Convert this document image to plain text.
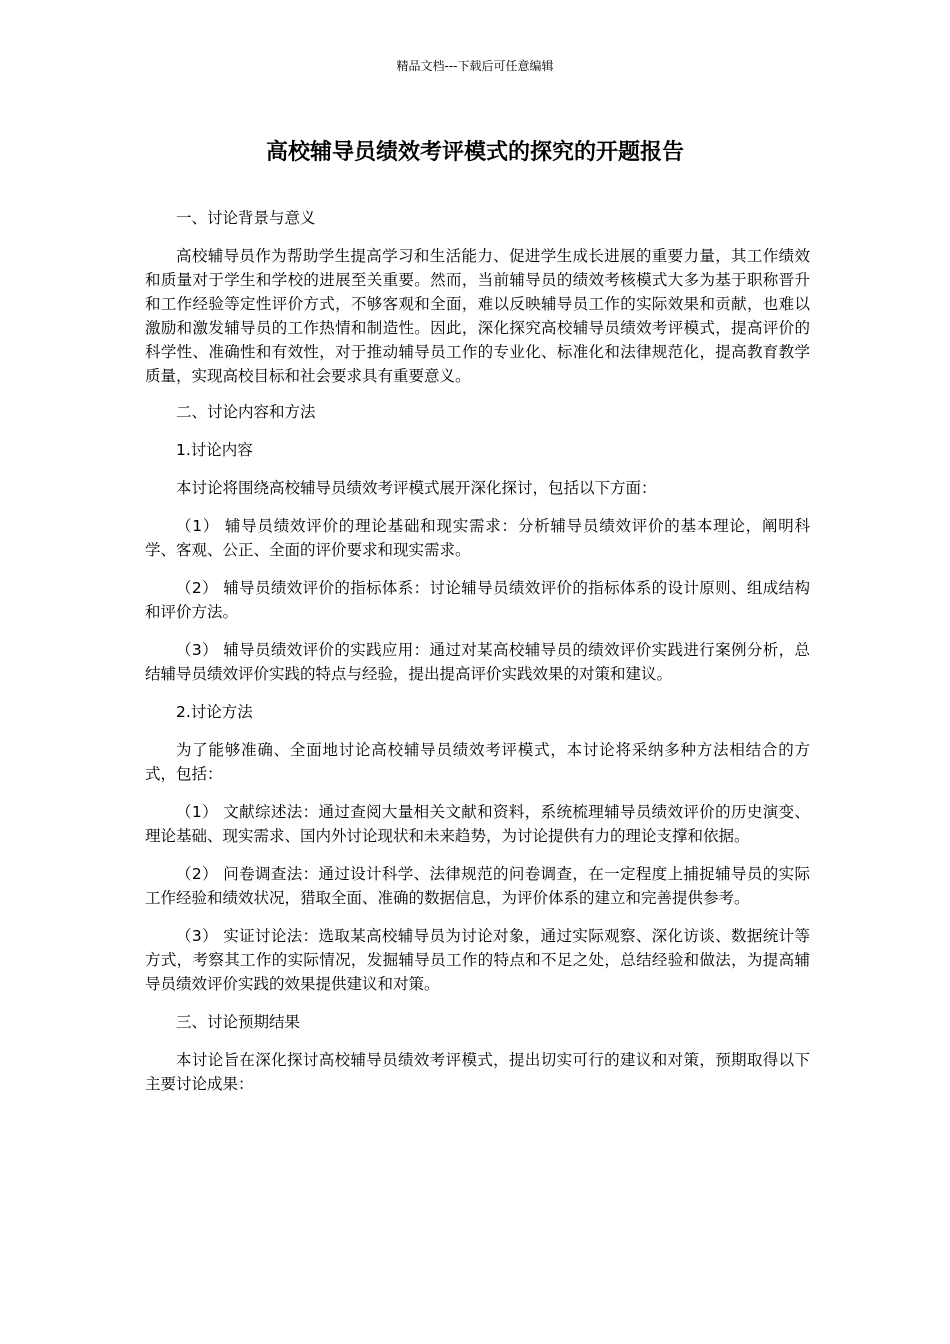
精品文档---下载后可任意编辑
高校辅导员绩效考评模式的探究的开题报告

一、讨论背景与意义

高校辅导员作为帮助学生提高学习和生活能力、促进学生成长进展的重要力量，其工作绩效和质量对于学生和学校的进展至关重要。然而，当前辅导员的绩效考核模式大多为基于职称晋升和工作经验等定性评价方式，不够客观和全面，难以反映辅导员工作的实际效果和贡献，也难以激励和激发辅导员的工作热情和制造性。因此，深化探究高校辅导员绩效考评模式，提高评价的科学性、准确性和有效性，对于推动辅导员工作的专业化、标准化和法律规范化，提高教育教学质量，实现高校目标和社会要求具有重要意义。

二、讨论内容和方法

1.讨论内容

本讨论将围绕高校辅导员绩效考评模式展开深化探讨，包括以下方面：

（1） 辅导员绩效评价的理论基础和现实需求：分析辅导员绩效评价的基本理论，阐明科学、客观、公正、全面的评价要求和现实需求。

（2） 辅导员绩效评价的指标体系：讨论辅导员绩效评价的指标体系的设计原则、组成结构和评价方法。

（3） 辅导员绩效评价的实践应用：通过对某高校辅导员的绩效评价实践进行案例分析，总结辅导员绩效评价实践的特点与经验，提出提高评价实践效果的对策和建议。

2.讨论方法

为了能够准确、全面地讨论高校辅导员绩效考评模式，本讨论将采纳多种方法相结合的方式，包括：

（1） 文献综述法：通过查阅大量相关文献和资料，系统梳理辅导员绩效评价的历史演变、理论基础、现实需求、国内外讨论现状和未来趋势，为讨论提供有力的理论支撑和依据。

（2） 问卷调查法：通过设计科学、法律规范的问卷调查，在一定程度上捕捉辅导员的实际工作经验和绩效状况，猎取全面、准确的数据信息，为评价体系的建立和完善提供参考。

（3） 实证讨论法：选取某高校辅导员为讨论对象，通过实际观察、深化访谈、数据统计等方式，考察其工作的实际情况，发掘辅导员工作的特点和不足之处，总结经验和做法，为提高辅导员绩效评价实践的效果提供建议和对策。

三、讨论预期结果

本讨论旨在深化探讨高校辅导员绩效考评模式，提出切实可行的建议和对策，预期取得以下主要讨论成果：
